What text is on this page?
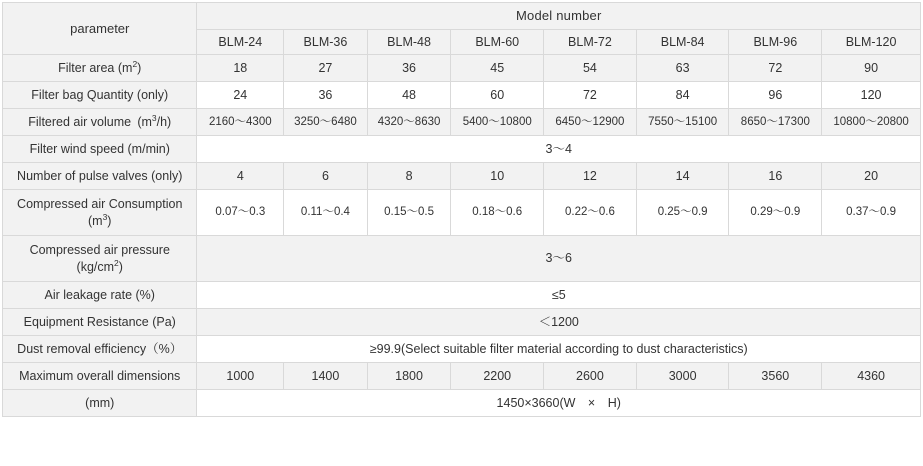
parameter	Model number							
	BLM-24	BLM-36	BLM-48	BLM-60	BLM-72	BLM-84	BLM-96	BLM-120
Filter area $(m^2)$	18	27	36	45	54	63	72	90
Filter bag Quantity (only)	24	36	48	60	72	84	96	120
Filtered air volume $(m^3/h)$	2160～4300	3250～6480	4320～8630	5400～10800	6450～12900	7550～15100	8650～17300	10800～20800
Filter wind speed (m/min)	3～4							
Number of pulse valves (only)	4	6	8	10	12	14	16	20

Compressed air Consumption
$(m^3)$	0.07～0.3	0.11～0.4	0.15～0.5	0.18～0.6	0.22～0.6	0.25～0.9	0.29～0.9	0.37～0.9

Compressed air pressure
$(kg/cm^2)$	3～6							
Air leakage rate (%)	≤5							
Equipment Resistance (Pa)	＜1200							
Dust removal efficiency（%）	≥99.9(Select suitable filter material according to dust characteristics)							
Maximum overall dimensions	1000	1400	1800	2200	2600	3000	3560	4360
(mm)	1450×3660(W　×　H)							
